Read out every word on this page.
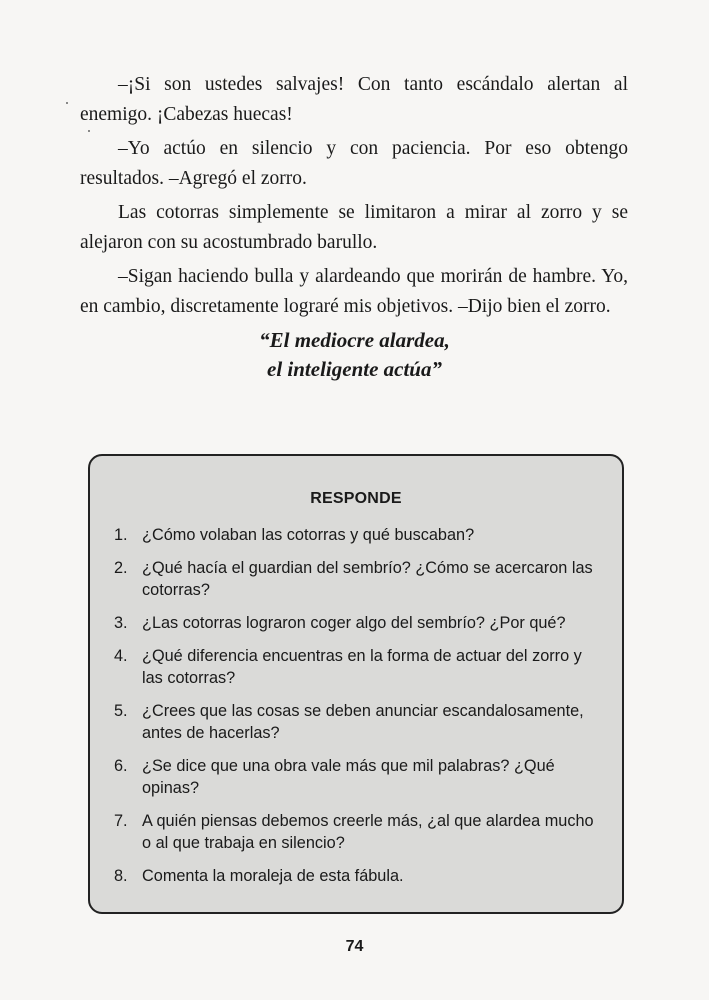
–¡Si son ustedes salvajes! Con tanto escándalo alertan al enemigo. ¡Cabezas huecas!

–Yo actúo en silencio y con paciencia. Por eso obtengo resultados. –Agregó el zorro.

Las cotorras simplemente se limitaron a mirar al zorro y se alejaron con su acostumbrado barullo.

–Sigan haciendo bulla y alardeando que morirán de hambre. Yo, en cambio, discretamente lograré mis objetivos. –Dijo bien el zorro.

“El mediocre alardea,
el inteligente actúa”
RESPONDE
1. ¿Cómo volaban las cotorras y qué buscaban?
2. ¿Qué hacía el guardian del sembrío? ¿Cómo se acercaron las cotorras?
3. ¿Las cotorras lograron coger algo del sembrío? ¿Por qué?
4. ¿Qué diferencia encuentras en la forma de actuar del zorro y las cotorras?
5. ¿Crees que las cosas se deben anunciar escandalosamente, antes de hacerlas?
6. ¿Se dice que una obra vale más que mil palabras? ¿Qué opinas?
7. A quién piensas debemos creerle más, ¿al que alardea mucho o al que trabaja en silencio?
8. Comenta la moraleja de esta fábula.
74
